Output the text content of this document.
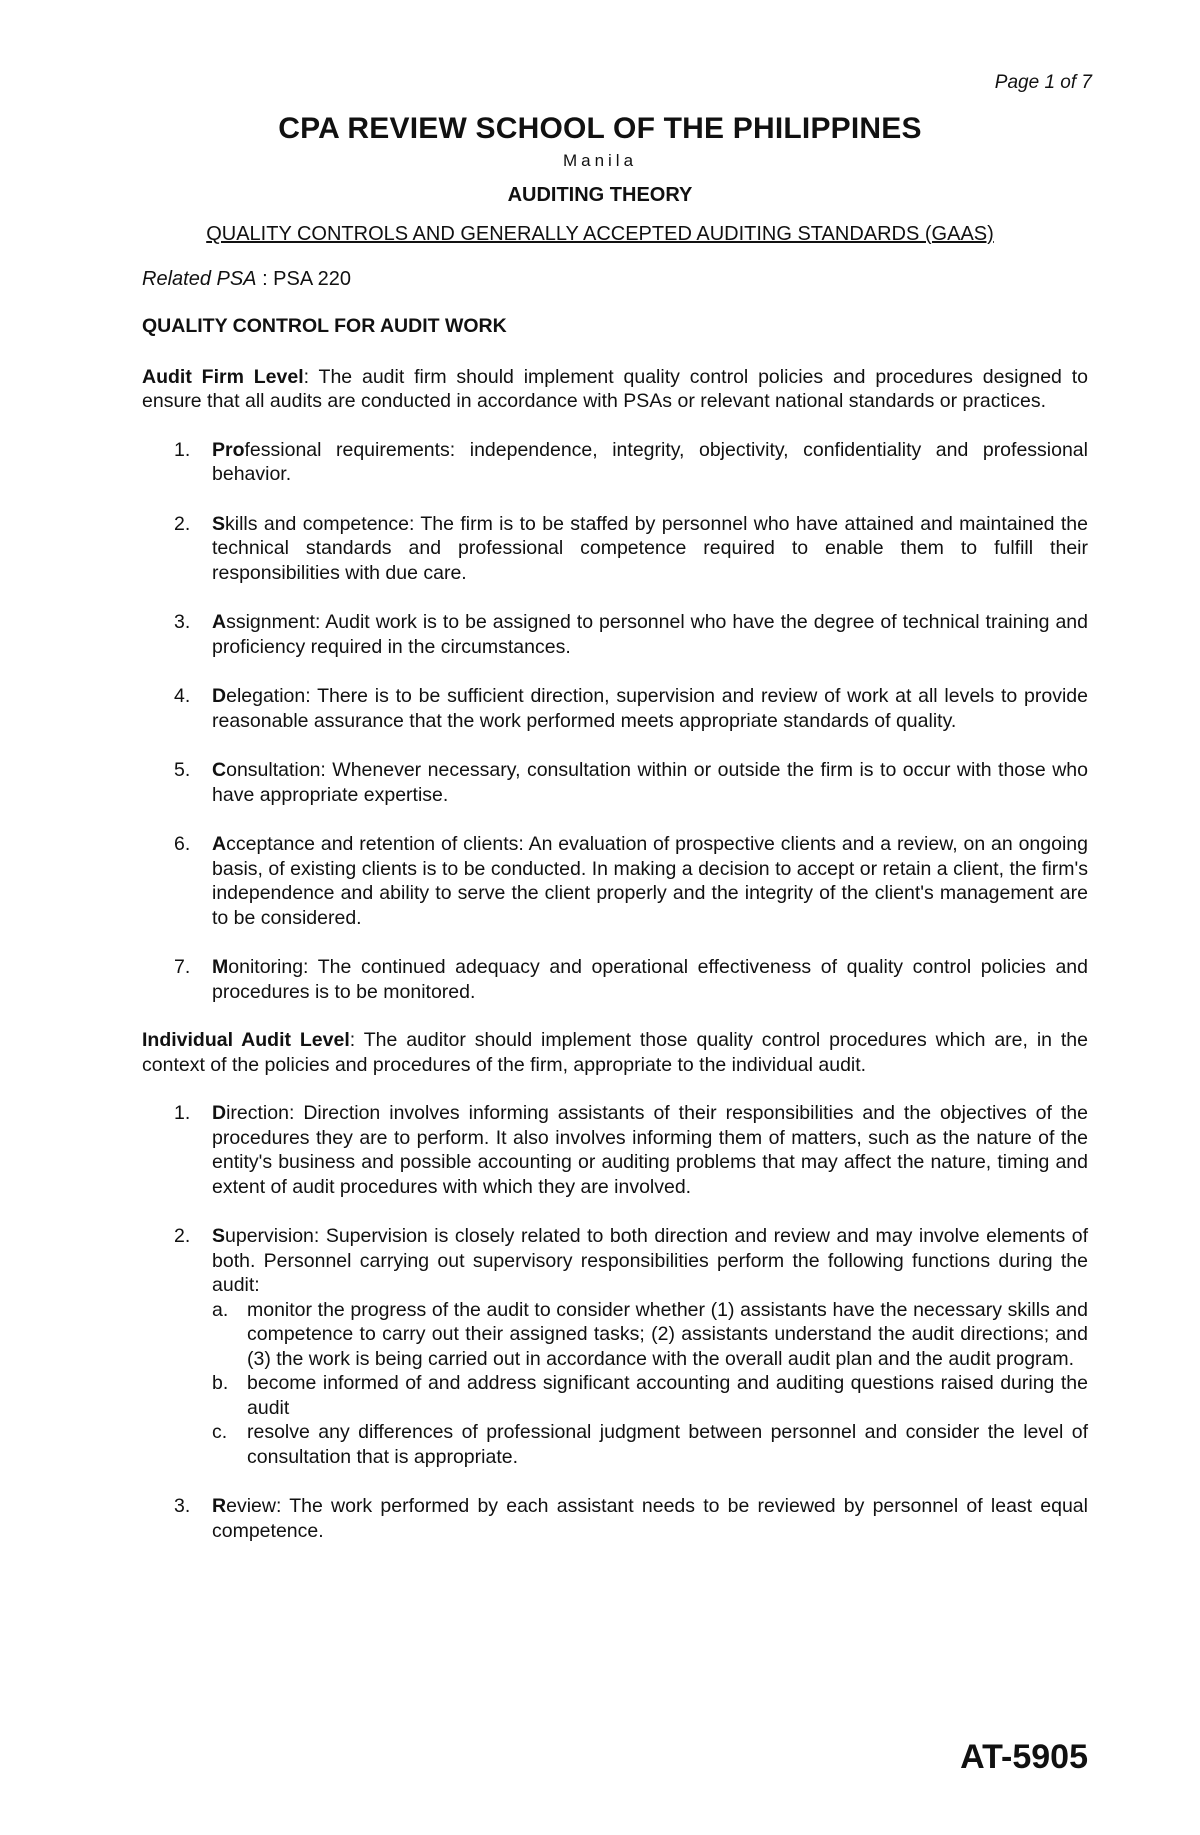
Page 1 of 7
CPA REVIEW SCHOOL OF THE PHILIPPINES
Manila
AUDITING THEORY
QUALITY CONTROLS AND GENERALLY ACCEPTED AUDITING STANDARDS (GAAS)
Related PSA : PSA 220
QUALITY CONTROL FOR AUDIT WORK

Audit Firm Level: The audit firm should implement quality control policies and procedures designed to ensure that all audits are conducted in accordance with PSAs or relevant national standards or practices.

1. Professional requirements: independence, integrity, objectivity, confidentiality and professional behavior.
2. Skills and competence: The firm is to be staffed by personnel who have attained and maintained the technical standards and professional competence required to enable them to fulfill their responsibilities with due care.
3. Assignment: Audit work is to be assigned to personnel who have the degree of technical training and proficiency required in the circumstances.
4. Delegation: There is to be sufficient direction, supervision and review of work at all levels to provide reasonable assurance that the work performed meets appropriate standards of quality.
5. Consultation: Whenever necessary, consultation within or outside the firm is to occur with those who have appropriate expertise.
6. Acceptance and retention of clients: An evaluation of prospective clients and a review, on an ongoing basis, of existing clients is to be conducted. In making a decision to accept or retain a client, the firm's independence and ability to serve the client properly and the integrity of the client's management are to be considered.
7. Monitoring: The continued adequacy and operational effectiveness of quality control policies and procedures is to be monitored.

Individual Audit Level: The auditor should implement those quality control procedures which are, in the context of the policies and procedures of the firm, appropriate to the individual audit.

1. Direction: Direction involves informing assistants of their responsibilities and the objectives of the procedures they are to perform. It also involves informing them of matters, such as the nature of the entity's business and possible accounting or auditing problems that may affect the nature, timing and extent of audit procedures with which they are involved.
2. Supervision: Supervision is closely related to both direction and review and may involve elements of both. Personnel carrying out supervisory responsibilities perform the following functions during the audit:
a. monitor the progress of the audit to consider whether (1) assistants have the necessary skills and competence to carry out their assigned tasks; (2) assistants understand the audit directions; and (3) the work is being carried out in accordance with the overall audit plan and the audit program.
b. become informed of and address significant accounting and auditing questions raised during the audit
c. resolve any differences of professional judgment between personnel and consider the level of consultation that is appropriate.
3. Review: The work performed by each assistant needs to be reviewed by personnel of least equal competence.
AT-5905
